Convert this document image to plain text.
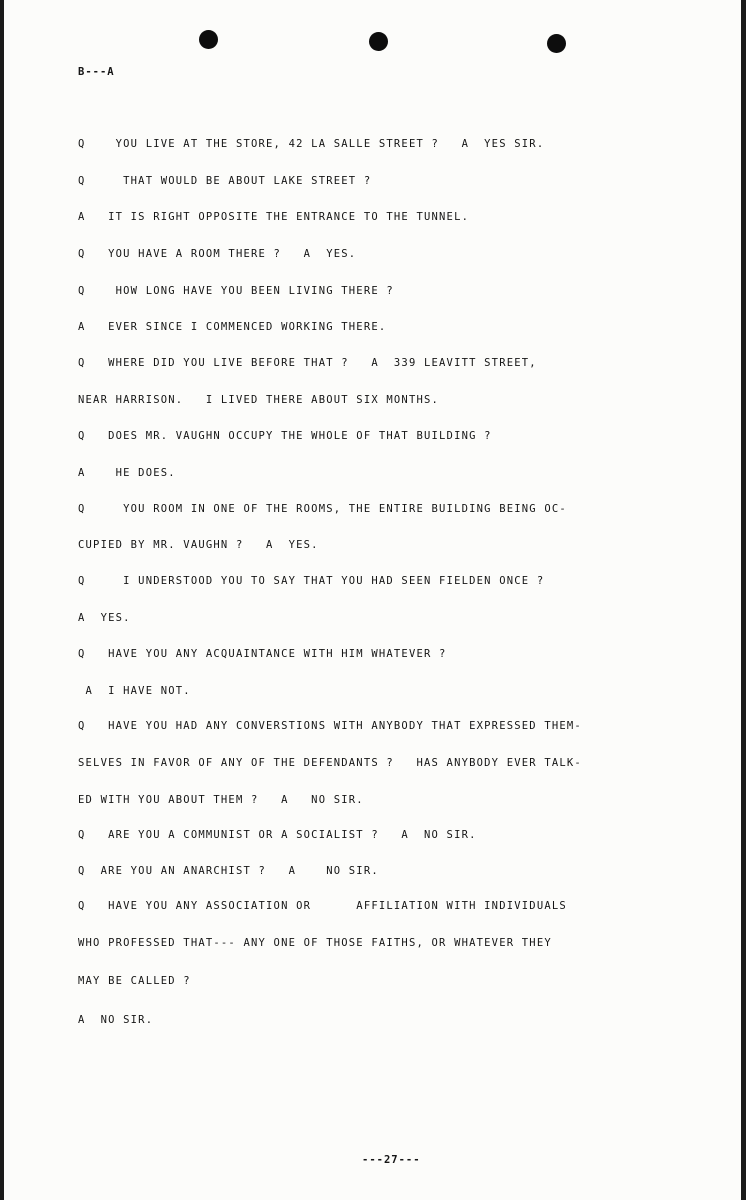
B---A
Q    YOU LIVE AT THE STORE, 42 LA SALLE STREET ?   A  YES SIR.
Q     THAT WOULD BE ABOUT LAKE STREET ?
A   IT IS RIGHT OPPOSITE THE ENTRANCE TO THE TUNNEL.
Q   YOU HAVE A ROOM THERE ?   A  YES.
Q    HOW LONG HAVE YOU BEEN LIVING THERE ?
A   EVER SINCE I COMMENCED WORKING THERE.
Q   WHERE DID YOU LIVE BEFORE THAT ?   A  339 LEAVITT STREET,
NEAR HARRISON.   I LIVED THERE ABOUT SIX MONTHS.
Q   DOES MR. VAUGHN OCCUPY THE WHOLE OF THAT BUILDING ?
A    HE DOES.
Q     YOU ROOM IN ONE OF THE ROOMS, THE ENTIRE BUILDING BEING OC-
CUPIED BY MR. VAUGHN ?   A  YES.
Q     I UNDERSTOOD YOU TO SAY THAT YOU HAD SEEN FIELDEN ONCE ?
A  YES.
Q   HAVE YOU ANY ACQUAINTANCE WITH HIM WHATEVER ?
A  I HAVE NOT.
Q   HAVE YOU HAD ANY CONVERSTIONS WITH ANYBODY THAT EXPRESSED THEM-
SELVES IN FAVOR OF ANY OF THE DEFENDANTS ?   HAS ANYBODY EVER TALK-
ED WITH YOU ABOUT THEM ?   A   NO SIR.
Q   ARE YOU A COMMUNIST OR A SOCIALIST ?   A  NO SIR.
Q  ARE YOU AN ANARCHIST ?   A    NO SIR.
Q   HAVE YOU ANY ASSOCIATION OR      AFFILIATION WITH INDIVIDUALS
WHO PROFESSED THAT--- ANY ONE OF THOSE FAITHS, OR WHATEVER THEY
MAY BE CALLED ?
A  NO SIR.
---27---
